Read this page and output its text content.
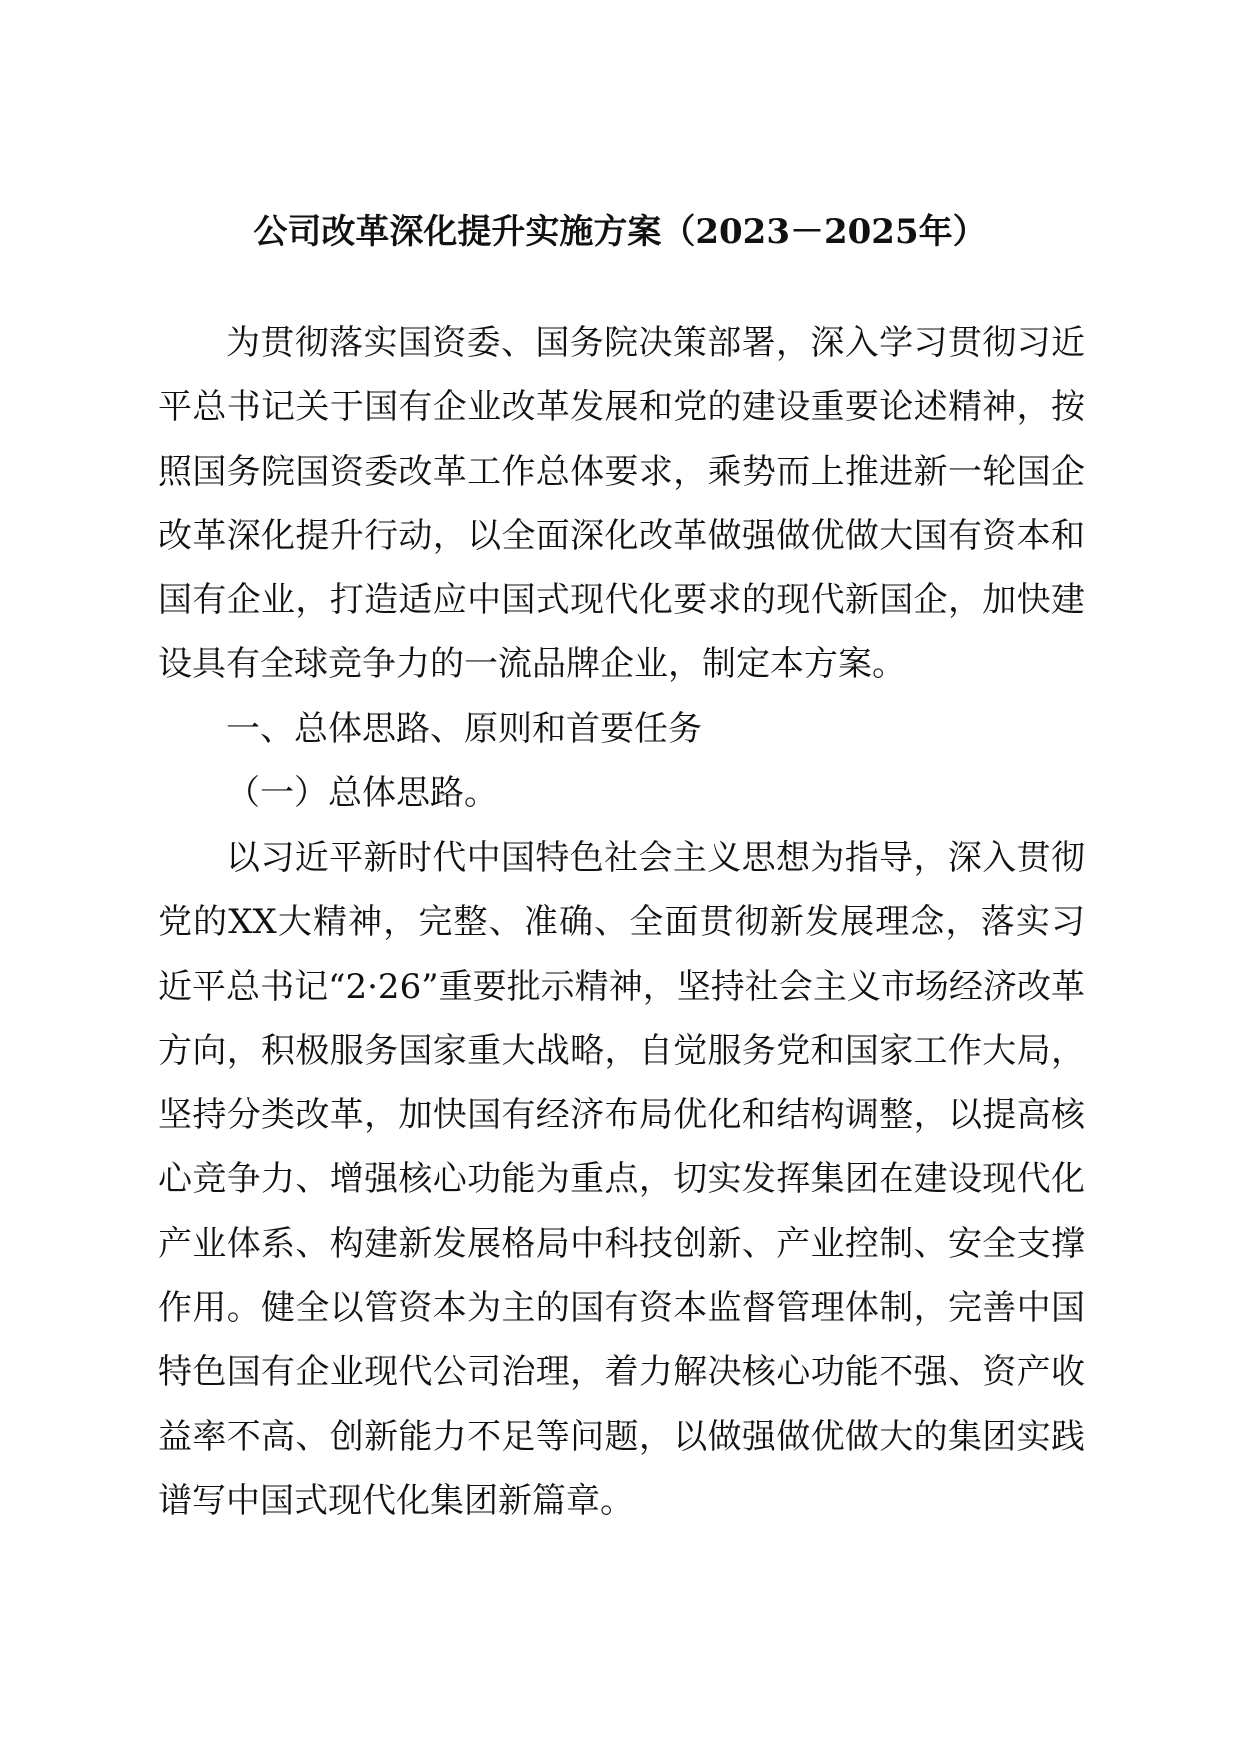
公司改革深化提升实施方案（2023－2025年）

为贯彻落实国资委、国务院决策部署，深入学习贯彻习近平总书记关于国有企业改革发展和党的建设重要论述精神，按照国务院国资委改革工作总体要求，乘势而上推进新一轮国企改革深化提升行动，以全面深化改革做强做优做大国有资本和国有企业，打造适应中国式现代化要求的现代新国企，加快建设具有全球竞争力的一流品牌企业，制定本方案。

一、总体思路、原则和首要任务

（一）总体思路。

以习近平新时代中国特色社会主义思想为指导，深入贯彻党的XX大精神，完整、准确、全面贯彻新发展理念，落实习近平总书记“2·26”重要批示精神，坚持社会主义市场经济改革方向，积极服务国家重大战略，自觉服务党和国家工作大局，坚持分类改革，加快国有经济布局优化和结构调整，以提高核心竞争力、增强核心功能为重点，切实发挥集团在建设现代化产业体系、构建新发展格局中科技创新、产业控制、安全支撑作用。健全以管资本为主的国有资本监督管理体制，完善中国特色国有企业现代公司治理，着力解决核心功能不强、资产收益率不高、创新能力不足等问题，以做强做优做大的集团实践谱写中国式现代化集团新篇章。
